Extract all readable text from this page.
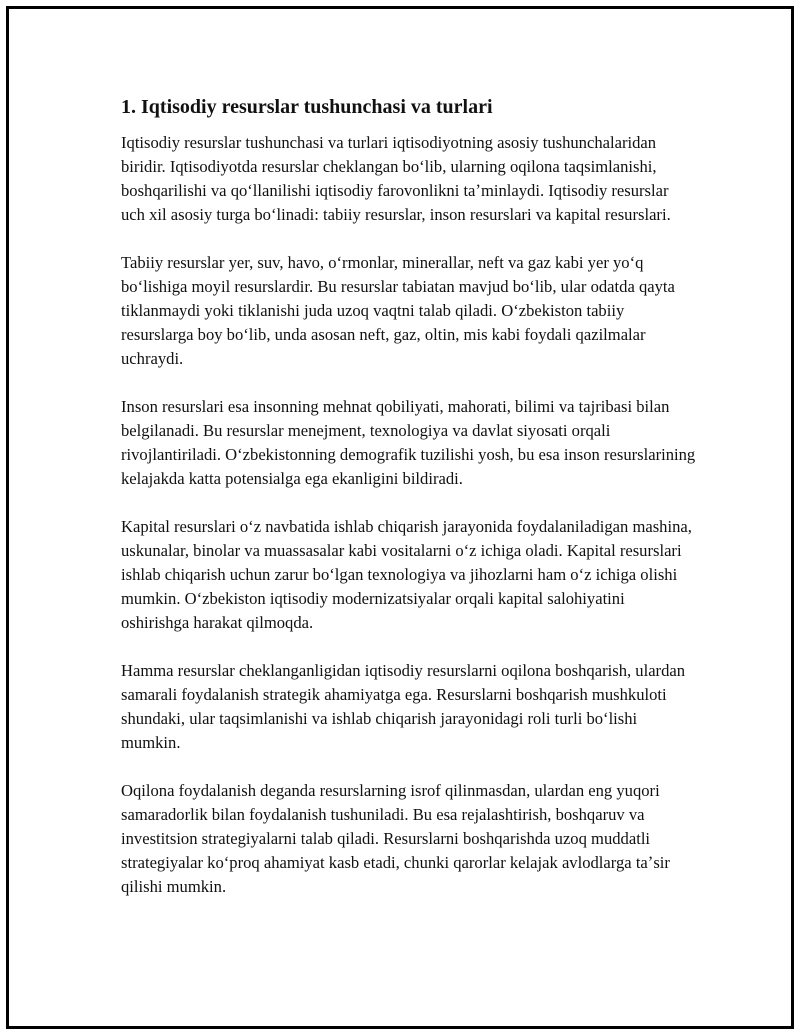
1. Iqtisodiy resurslar tushunchasi va turlari

Iqtisodiy resurslar tushunchasi va turlari iqtisodiyotning asosiy tushunchalaridan biridir. Iqtisodiyotda resurslar cheklangan boʻlib, ularning oqilona taqsimlanishi, boshqarilishi va qoʻllanilishi iqtisodiy farovonlikni taʼminlaydi. Iqtisodiy resurslar uch xil asosiy turga boʻlinadi: tabiiy resurslar, inson resurslari va kapital resurslari.

Tabiiy resurslar yer, suv, havo, oʻrmonlar, minerallar, neft va gaz kabi yer yoʻq boʻlishiga moyil resurslardir. Bu resurslar tabiatan mavjud boʻlib, ular odatda qayta tiklanmaydi yoki tiklanishi juda uzoq vaqtni talab qiladi. Oʻzbekiston tabiiy resurslarga boy boʻlib, unda asosan neft, gaz, oltin, mis kabi foydali qazilmalar uchraydi.

Inson resurslari esa insonning mehnat qobiliyati, mahorati, bilimi va tajribasi bilan belgilanadi. Bu resurslar menejment, texnologiya va davlat siyosati orqali rivojlantiriladi. Oʻzbekistonning demografik tuzilishi yosh, bu esa inson resurslarining kelajakda katta potensialga ega ekanligini bildiradi.

Kapital resurslari oʻz navbatida ishlab chiqarish jarayonida foydalaniladigan mashina, uskunalar, binolar va muassasalar kabi vositalarni oʻz ichiga oladi. Kapital resurslari ishlab chiqarish uchun zarur boʻlgan texnologiya va jihozlarni ham oʻz ichiga olishi mumkin. Oʻzbekiston iqtisodiy modernizatsiyalar orqali kapital salohiyatini oshirishga harakat qilmoqda.

Hamma resurslar cheklanganligidan iqtisodiy resurslarni oqilona boshqarish, ulardan samarali foydalanish strategik ahamiyatga ega. Resurslarni boshqarish mushkuloti shundaki, ular taqsimlanishi va ishlab chiqarish jarayonidagi roli turli boʻlishi mumkin.

Oqilona foydalanish deganda resurslarning isrof qilinmasdan, ulardan eng yuqori samaradorlik bilan foydalanish tushuniladi. Bu esa rejalashtirish, boshqaruv va investitsion strategiyalarni talab qiladi. Resurslarni boshqarishda uzoq muddatli strategiyalar koʻproq ahamiyat kasb etadi, chunki qarorlar kelajak avlodlarga taʼsir qilishi mumkin.
